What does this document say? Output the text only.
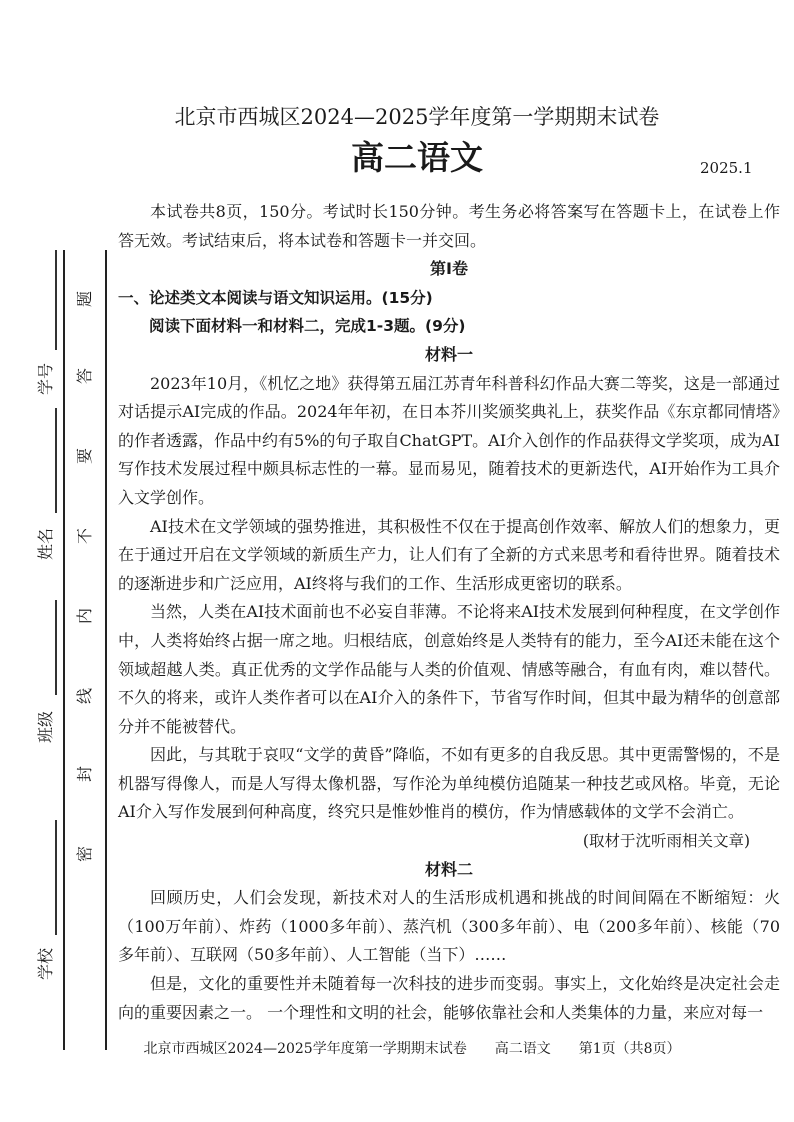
学校
班级
姓名
学号
密
封
线
内
不
要
答
题
北京市西城区2024—2025学年度第一学期期末试卷
高二语文	2025.1

本试卷共8页，150分。考试时长150分钟。考生务必将答案写在答题卡上，在试卷上作答无效。考试结束后，将本试卷和答题卡一并交回。

第Ⅰ卷

一、论述类文本阅读与语文知识运用。(15分)

阅读下面材料一和材料二，完成1-3题。(9分)

材料一

2023年10月，《机忆之地》获得第五届江苏青年科普科幻作品大赛二等奖，这是一部通过对话提示AI完成的作品。2024年年初，在日本芥川奖颁奖典礼上，获奖作品《东京都同情塔》的作者透露，作品中约有5%的句子取自ChatGPT。AI介入创作的作品获得文学奖项，成为AI写作技术发展过程中颇具标志性的一幕。显而易见，随着技术的更新迭代，AI开始作为工具介入文学创作。

AI技术在文学领域的强势推进，其积极性不仅在于提高创作效率、解放人们的想象力，更在于通过开启在文学领域的新质生产力，让人们有了全新的方式来思考和看待世界。随着技术的逐渐进步和广泛应用，AI终将与我们的工作、生活形成更密切的联系。

当然，人类在AI技术面前也不必妄自菲薄。不论将来AI技术发展到何种程度，在文学创作中，人类将始终占据一席之地。归根结底，创意始终是人类特有的能力，至今AI还未能在这个领域超越人类。真正优秀的文学作品能与人类的价值观、情感等融合，有血有肉，难以替代。不久的将来，或许人类作者可以在AI介入的条件下，节省写作时间，但其中最为精华的创意部分并不能被替代。

因此，与其耽于哀叹“文学的黄昏”降临，不如有更多的自我反思。其中更需警惕的，不是机器写得像人，而是人写得太像机器，写作沦为单纯模仿追随某一种技艺或风格。毕竟，无论AI介入写作发展到何种高度，终究只是惟妙惟肖的模仿，作为情感载体的文学不会消亡。

(取材于沈听雨相关文章)

材料二

回顾历史，人们会发现，新技术对人的生活形成机遇和挑战的时间间隔在不断缩短：火（100万年前）、炸药（1000多年前）、蒸汽机（300多年前）、电（200多年前）、核能（70多年前）、互联网（50多年前）、人工智能（当下）……

但是，文化的重要性并未随着每一次科技的进步而变弱。事实上，文化始终是决定社会走向的重要因素之一。 一个理性和文明的社会，能够依靠社会和人类集体的力量，来应对每一

北京市西城区2024—2025学年度第一学期期末试卷　　高二语文　　第1页（共8页）
